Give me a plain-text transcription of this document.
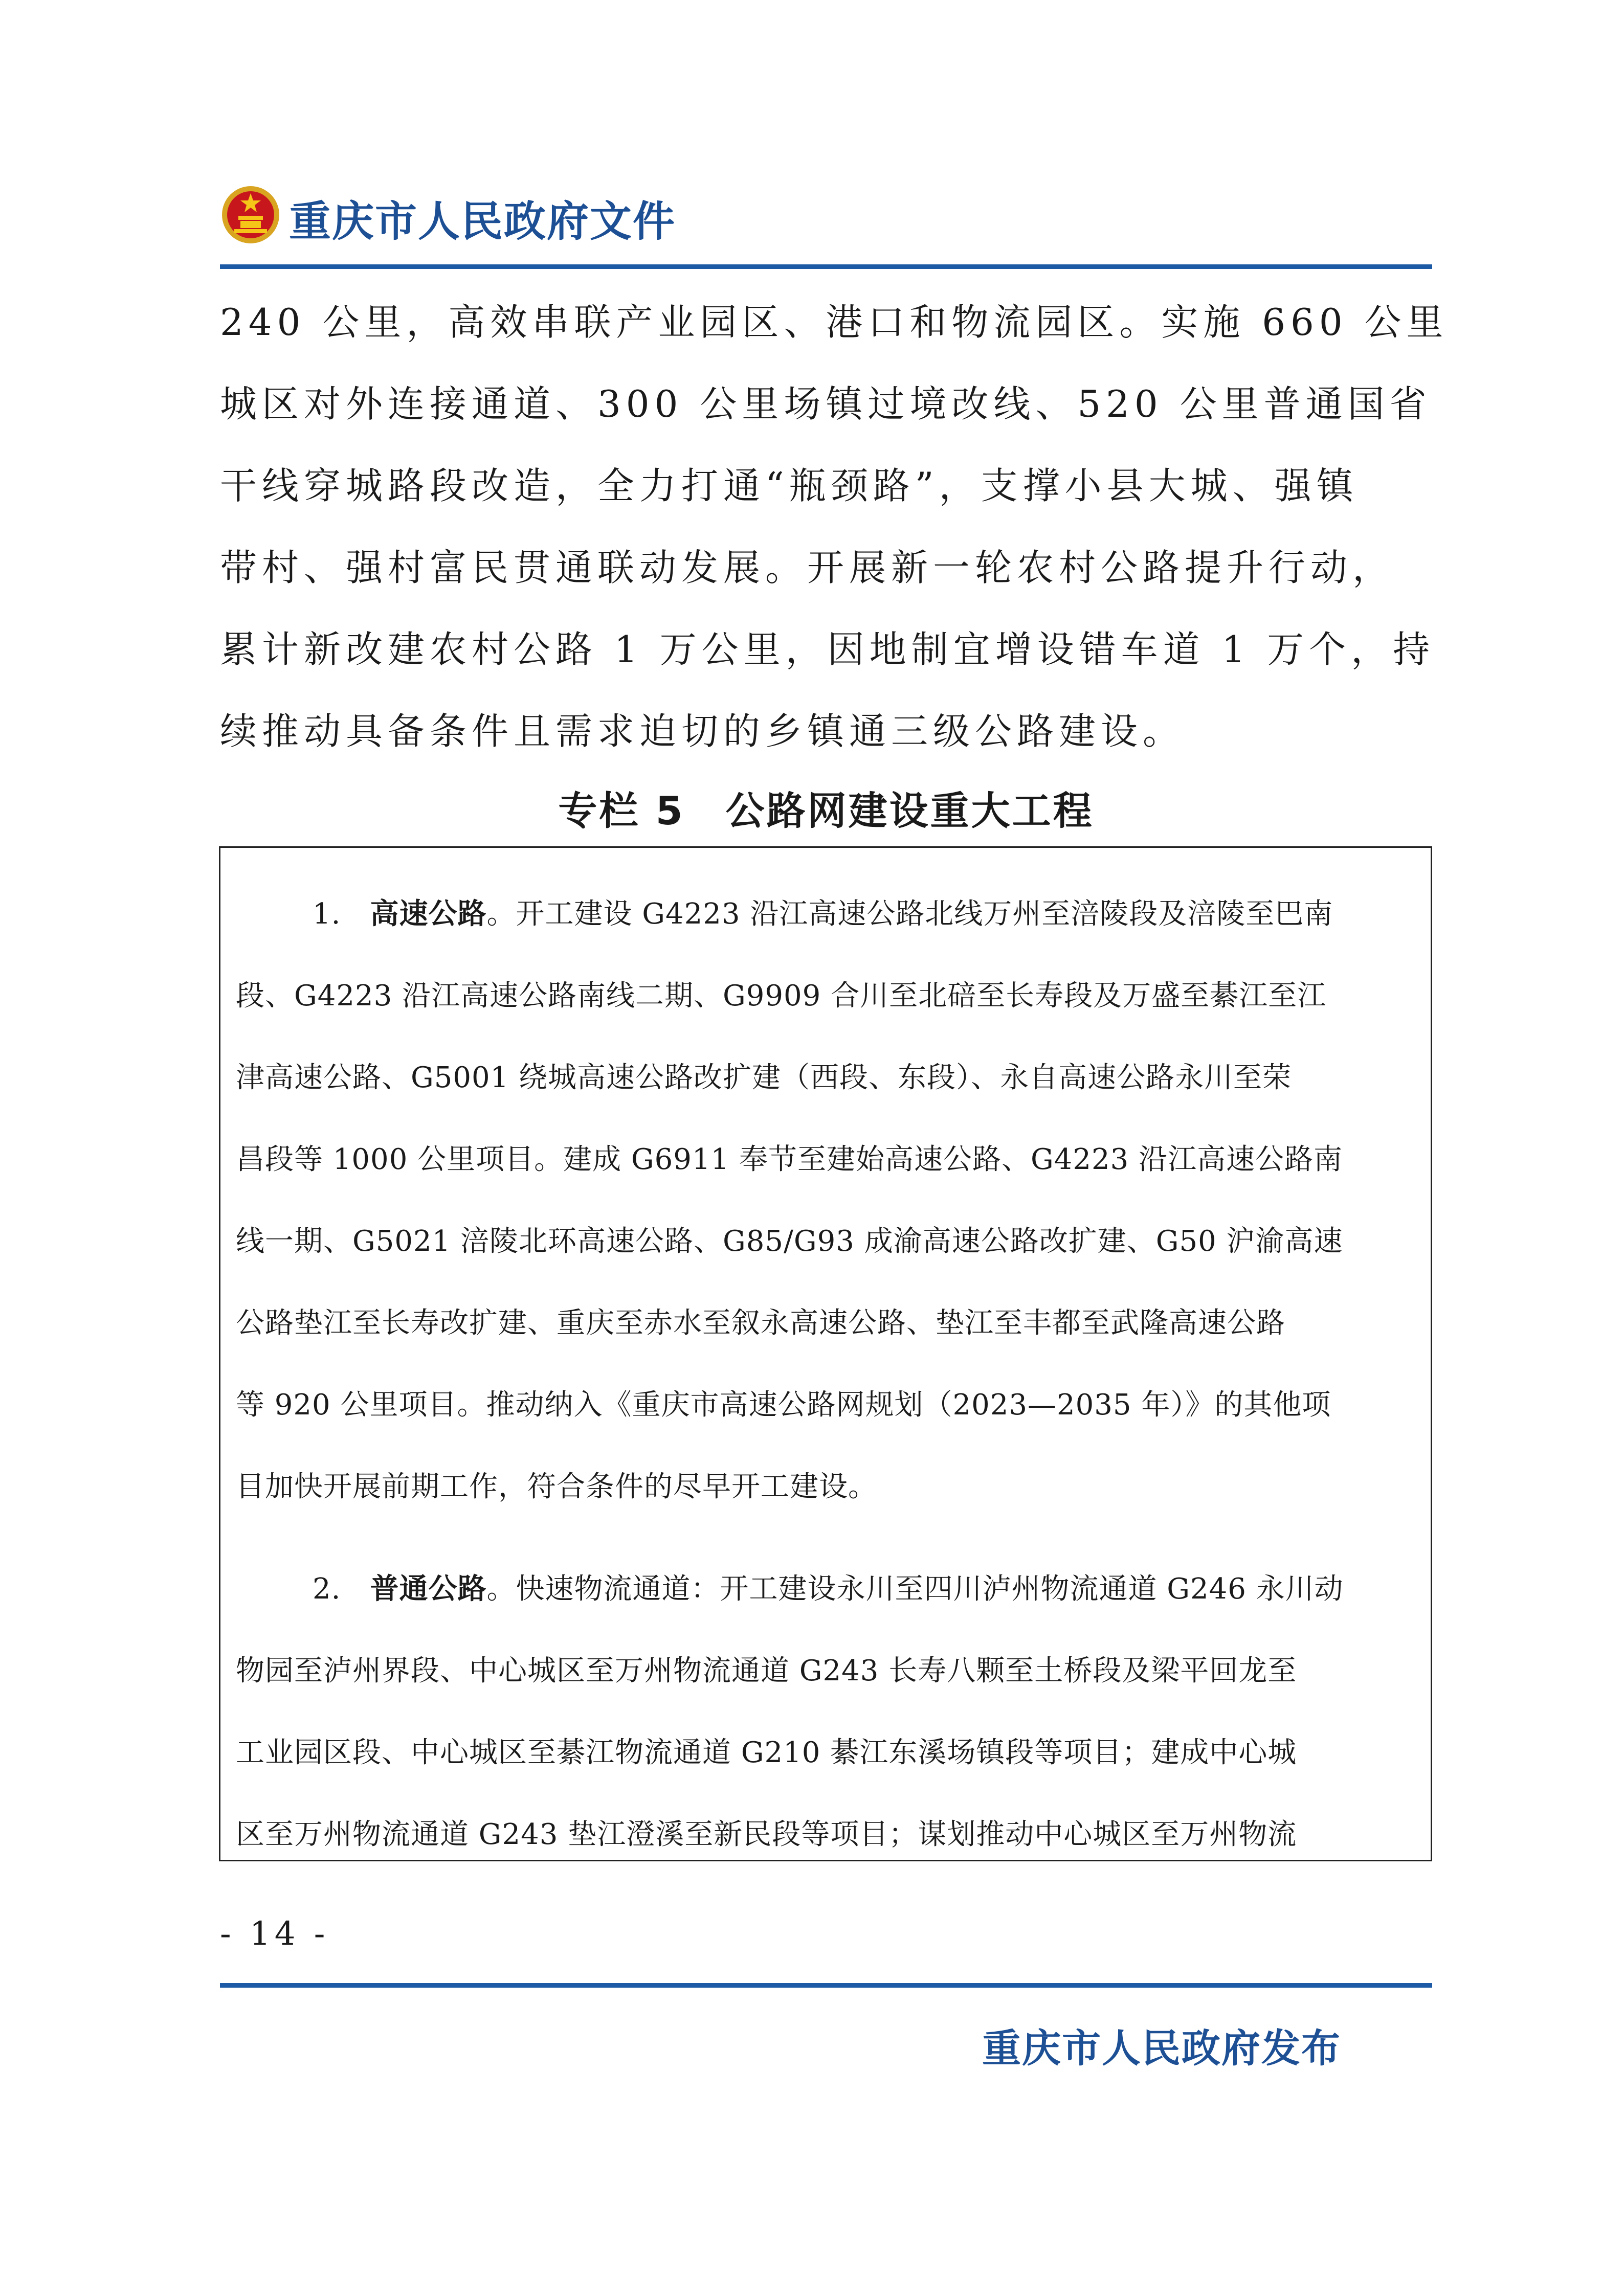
重庆市人民政府文件
240 公里，高效串联产业园区、港口和物流园区。实施 660 公里
城区对外连接通道、300 公里场镇过境改线、520 公里普通国省
干线穿城路段改造，全力打通“瓶颈路”，支撑小县大城、强镇
带村、强村富民贯通联动发展。开展新一轮农村公路提升行动，
累计新改建农村公路 1 万公里，因地制宜增设错车道 1 万个，持
续推动具备条件且需求迫切的乡镇通三级公路建设。
专栏 5　公路网建设重大工程
1.　 高速公路。开工建设 G4223 沿江高速公路北线万州至涪陵段及涪陵至巴南
段、G4223 沿江高速公路南线二期、G9909 合川至北碚至长寿段及万盛至綦江至江
津高速公路、G5001 绕城高速公路改扩建（西段、东段）、永自高速公路永川至荣
昌段等 1000 公里项目。建成 G6911 奉节至建始高速公路、G4223 沿江高速公路南
线一期、G5021 涪陵北环高速公路、G85/G93 成渝高速公路改扩建、G50 沪渝高速
公路垫江至长寿改扩建、重庆至赤水至叙永高速公路、垫江至丰都至武隆高速公路
等 920 公里项目。推动纳入《重庆市高速公路网规划（2023—2035 年）》的其他项
目加快开展前期工作，符合条件的尽早开工建设。
2.　 普通公路。快速物流通道：开工建设永川至四川泸州物流通道 G246 永川动
物园至泸州界段、中心城区至万州物流通道 G243 长寿八颗至土桥段及梁平回龙至
工业园区段、中心城区至綦江物流通道 G210 綦江东溪场镇段等项目；建成中心城
区至万州物流通道 G243 垫江澄溪至新民段等项目；谋划推动中心城区至万州物流
- 14 -
重庆市人民政府发布
